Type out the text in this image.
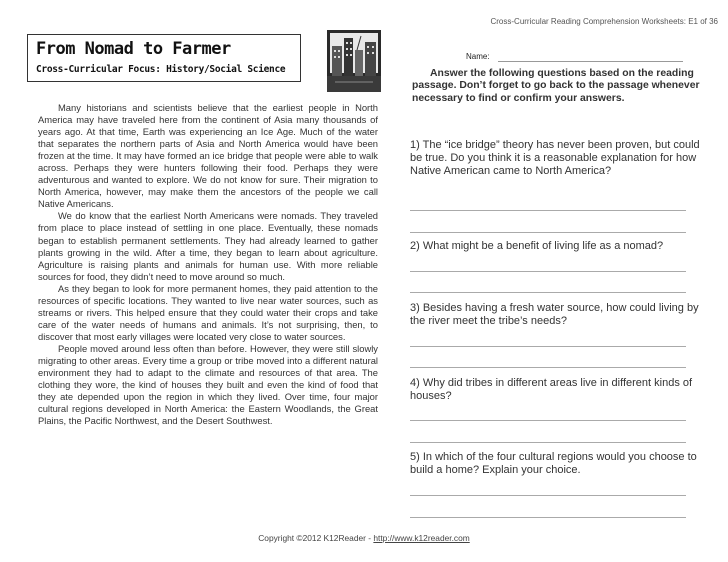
Cross-Curricular Reading Comprehension Worksheets: E1 of 36
From Nomad to Farmer
Cross-Curricular Focus: History/Social Science

Many historians and scientists believe that the earliest people in North America may have traveled here from the continent of Asia many thousands of years ago. At that time, Earth was experiencing an Ice Age. Much of the water that separates the northern parts of Asia and North America would have been frozen at the time. It may have formed an ice bridge that people were able to walk across. Perhaps they were hunters following their food. Perhaps they were adventurous and wanted to explore. We do not know for sure. Their migration to North America, however, may make them the ancestors of the people we call Native Americans.

We do know that the earliest North Americans were nomads. They traveled from place to place instead of settling in one place. Eventually, these nomads began to establish permanent settlements. They had already learned to gather plants growing in the wild. After a time, they began to learn about agriculture. Agriculture is raising plants and animals for human use. With more reliable sources for food, they didn’t need to move around so much.

As they began to look for more permanent homes, they paid attention to the resources of specific locations. They wanted to live near water sources, such as streams or rivers. This helped ensure that they could water their crops and take care of the water needs of humans and animals. It’s not surprising, then, to discover that most early villages were located very close to water sources.

People moved around less often than before. However, they were still slowly migrating to other areas. Every time a group or tribe moved into a different natural environment they had to adapt to the climate and resources of that area. The clothing they wore, the kind of houses they built and even the kind of food that they ate depended upon the region in which they lived. Over time, four major cultural regions developed in North America: the Eastern Woodlands, the Great Plains, the Pacific Northwest, and the Desert Southwest.

Name:
Answer the following questions based on the reading passage. Don’t forget to go back to the passage whenever necessary to find or confirm your answers.
1) The “ice bridge” theory has never been proven, but could be true. Do you think it is a reasonable explanation for how Native American came to North America?
2) What might be a benefit of living life as a nomad?
3) Besides having a fresh water source, how could living by the river meet the tribe’s needs?
4) Why did tribes in different areas live in different kinds of houses?
5) In which of the four cultural regions would you choose to build a home? Explain your choice.
Copyright ©2012 K12Reader - http://www.k12reader.com
